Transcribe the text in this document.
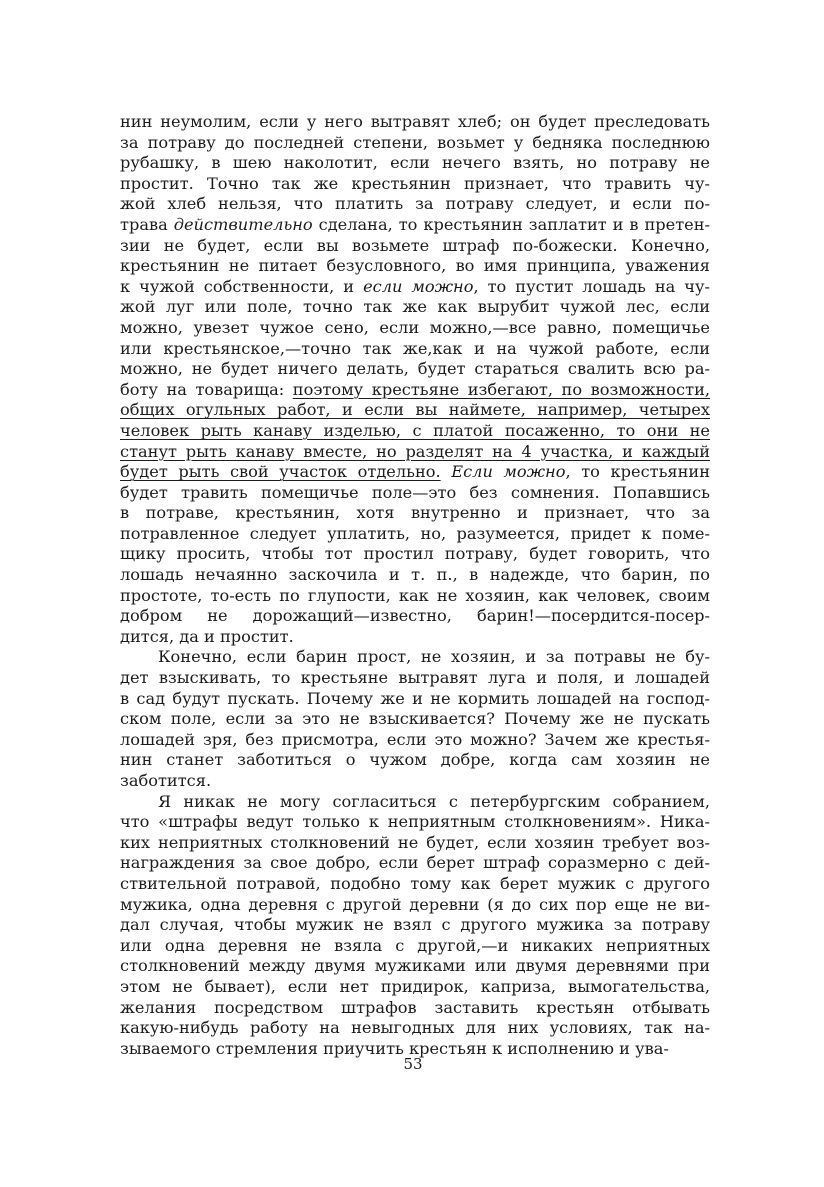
нин неумолим, если у него вытравят хлеб; он будет преследовать
за потраву до последней степени, возьмет у бедняка последнюю
рубашку, в шею наколотит, если нечего взять, но потраву не
простит. Точно так же крестьянин признает, что травить чу-
жой хлеб нельзя, что платить за потраву следует, и если по-
трава действительно сделана, то крестьянин заплатит и в претен-
зии не будет, если вы возьмете штраф по-божески. Конечно,
крестьянин не питает безусловного, во имя принципа, уважения
к чужой собственности, и если можно, то пустит лошадь на чу-
жой луг или поле, точно так же как вырубит чужой лес, если
можно, увезет чужое сено, если можно,—все равно, помещичье
или крестьянское,—точно так же,как и на чужой работе, если
можно, не будет ничего делать, будет стараться свалить всю ра-
боту на товарища: поэтому крестьяне избегают, по возможности,
общих огульных работ, и если вы наймете, например, четырех
человек рыть канаву изделью, с платой посаженно, то они не
станут рыть канаву вместе, но разделят на 4 участка, и каждый
будет рыть свой участок отдельно. Если можно, то крестьянин
будет травить помещичье поле—это без сомнения. Попавшись
в потраве, крестьянин, хотя внутренно и признает, что за
потравленное следует уплатить, но, разумеется, придет к поме-
щику просить, чтобы тот простил потраву, будет говорить, что
лошадь нечаянно заскочила и т. п., в надежде, что барин, по
простоте, то-есть по глупости, как не хозяин, как человек, своим
добром не дорожащий—известно, барин!—посердится-посер-
дится, да и простит.
Конечно, если барин прост, не хозяин, и за потравы не бу-
дет взыскивать, то крестьяне вытравят луга и поля, и лошадей
в сад будут пускать. Почему же и не кормить лошадей на господ-
ском поле, если за это не взыскивается? Почему же не пускать
лошадей зря, без присмотра, если это можно? Зачем же крестья-
нин станет заботиться о чужом добре, когда сам хозяин не
заботится.
Я никак не могу согласиться с петербургским собранием,
что «штрафы ведут только к неприятным столкновениям». Ника-
ких неприятных столкновений не будет, если хозяин требует воз-
награждения за свое добро, если берет штраф соразмерно с дей-
ствительной потравой, подобно тому как берет мужик с другого
мужика, одна деревня с другой деревни (я до сих пор еще не ви-
дал случая, чтобы мужик не взял с другого мужика за потраву
или одна деревня не взяла с другой,—и никаких неприятных
столкновений между двумя мужиками или двумя деревнями при
этом не бывает), если нет придирок, каприза, вымогательства,
желания посредством штрафов заставить крестьян отбывать
какую-нибудь работу на невыгодных для них условиях, так на-
зываемого стремления приучить крестьян к исполнению и ува-
53
